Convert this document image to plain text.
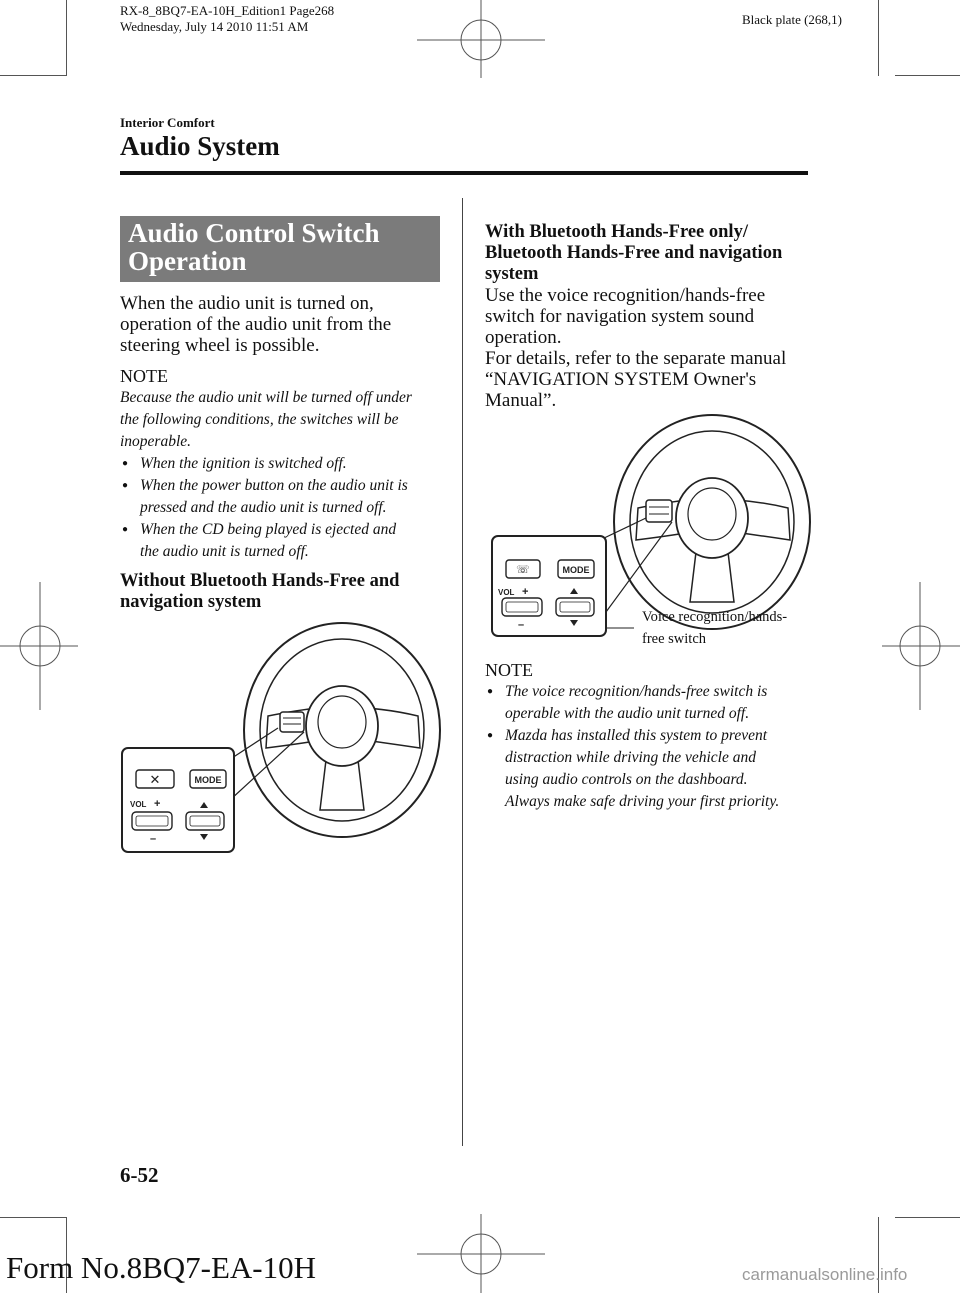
RX-8_8BQ7-EA-10H_Edition1 Page268
Wednesday, July 14 2010 11:51 AM	Black plate (268,1)
Interior Comfort
Audio System
Audio Control Switch
Operation
When the audio unit is turned on,
operation of the audio unit from the
steering wheel is possible.
NOTE
Because the audio unit will be turned off under
the following conditions, the switches will be
inoperable.
● When the ignition is switched off.
● When the power button on the audio unit is
pressed and the audio unit is turned off.
● When the CD being played is ejected and
the audio unit is turned off.
Without Bluetooth Hands-Free and
navigation system
✕	MODE
VOL +
–
With Bluetooth Hands-Free only/
Bluetooth Hands-Free and navigation
system
Use the voice recognition/hands-free
switch for navigation system sound
operation.
For details, refer to the separate manual
“NAVIGATION SYSTEM Owner's
Manual”.
☏	MODE
VOL +
–	Voice recognition/hands-
free switch
NOTE
● The voice recognition/hands-free switch is
operable with the audio unit turned off.
● Mazda has installed this system to prevent
distraction while driving the vehicle and
using audio controls on the dashboard.
Always make safe driving your first priority.
6-52
Form No.8BQ7-EA-10H	carmanualsonline.info
